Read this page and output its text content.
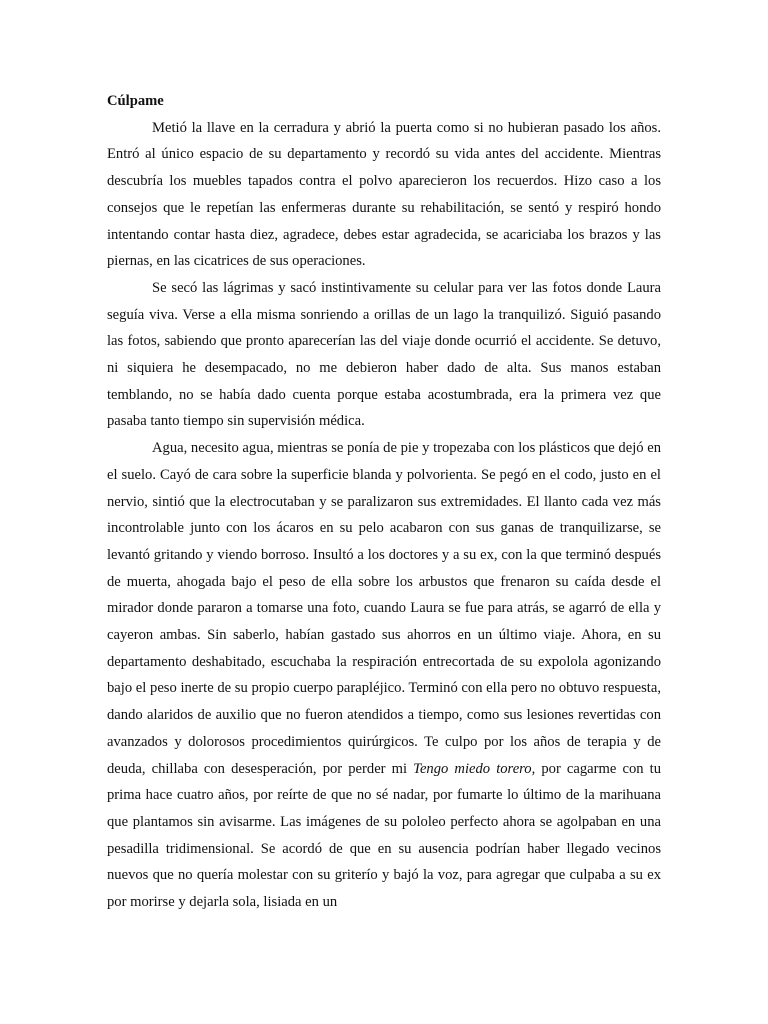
Cúlpame

Metió la llave en la cerradura y abrió la puerta como si no hubieran pasado los años. Entró al único espacio de su departamento y recordó su vida antes del accidente. Mientras descubría los muebles tapados contra el polvo aparecieron los recuerdos. Hizo caso a los consejos que le repetían las enfermeras durante su rehabilitación, se sentó y respiró hondo intentando contar hasta diez, agradece, debes estar agradecida, se acariciaba los brazos y las piernas, en las cicatrices de sus operaciones.

Se secó las lágrimas y sacó instintivamente su celular para ver las fotos donde Laura seguía viva. Verse a ella misma sonriendo a orillas de un lago la tranquilizó. Siguió pasando las fotos, sabiendo que pronto aparecerían las del viaje donde ocurrió el accidente. Se detuvo, ni siquiera he desempacado, no me debieron haber dado de alta. Sus manos estaban temblando, no se había dado cuenta porque estaba acostumbrada, era la primera vez que pasaba tanto tiempo sin supervisión médica.

Agua, necesito agua, mientras se ponía de pie y tropezaba con los plásticos que dejó en el suelo. Cayó de cara sobre la superficie blanda y polvorienta. Se pegó en el codo, justo en el nervio, sintió que la electrocutaban y se paralizaron sus extremidades. El llanto cada vez más incontrolable junto con los ácaros en su pelo acabaron con sus ganas de tranquilizarse, se levantó gritando y viendo borroso. Insultó a los doctores y a su ex, con la que terminó después de muerta, ahogada bajo el peso de ella sobre los arbustos que frenaron su caída desde el mirador donde pararon a tomarse una foto, cuando Laura se fue para atrás, se agarró de ella y cayeron ambas. Sin saberlo, habían gastado sus ahorros en un último viaje. Ahora, en su departamento deshabitado, escuchaba la respiración entrecortada de su expolola agonizando bajo el peso inerte de su propio cuerpo parapléjico. Terminó con ella pero no obtuvo respuesta, dando alaridos de auxilio que no fueron atendidos a tiempo, como sus lesiones revertidas con avanzados y dolorosos procedimientos quirúrgicos. Te culpo por los años de terapia y de deuda, chillaba con desesperación, por perder mi Tengo miedo torero, por cagarme con tu prima hace cuatro años, por reírte de que no sé nadar, por fumarte lo último de la marihuana que plantamos sin avisarme. Las imágenes de su pololeo perfecto ahora se agolpaban en una pesadilla tridimensional. Se acordó de que en su ausencia podrían haber llegado vecinos nuevos que no quería molestar con su griterío y bajó la voz, para agregar que culpaba a su ex por morirse y dejarla sola, lisiada en un
